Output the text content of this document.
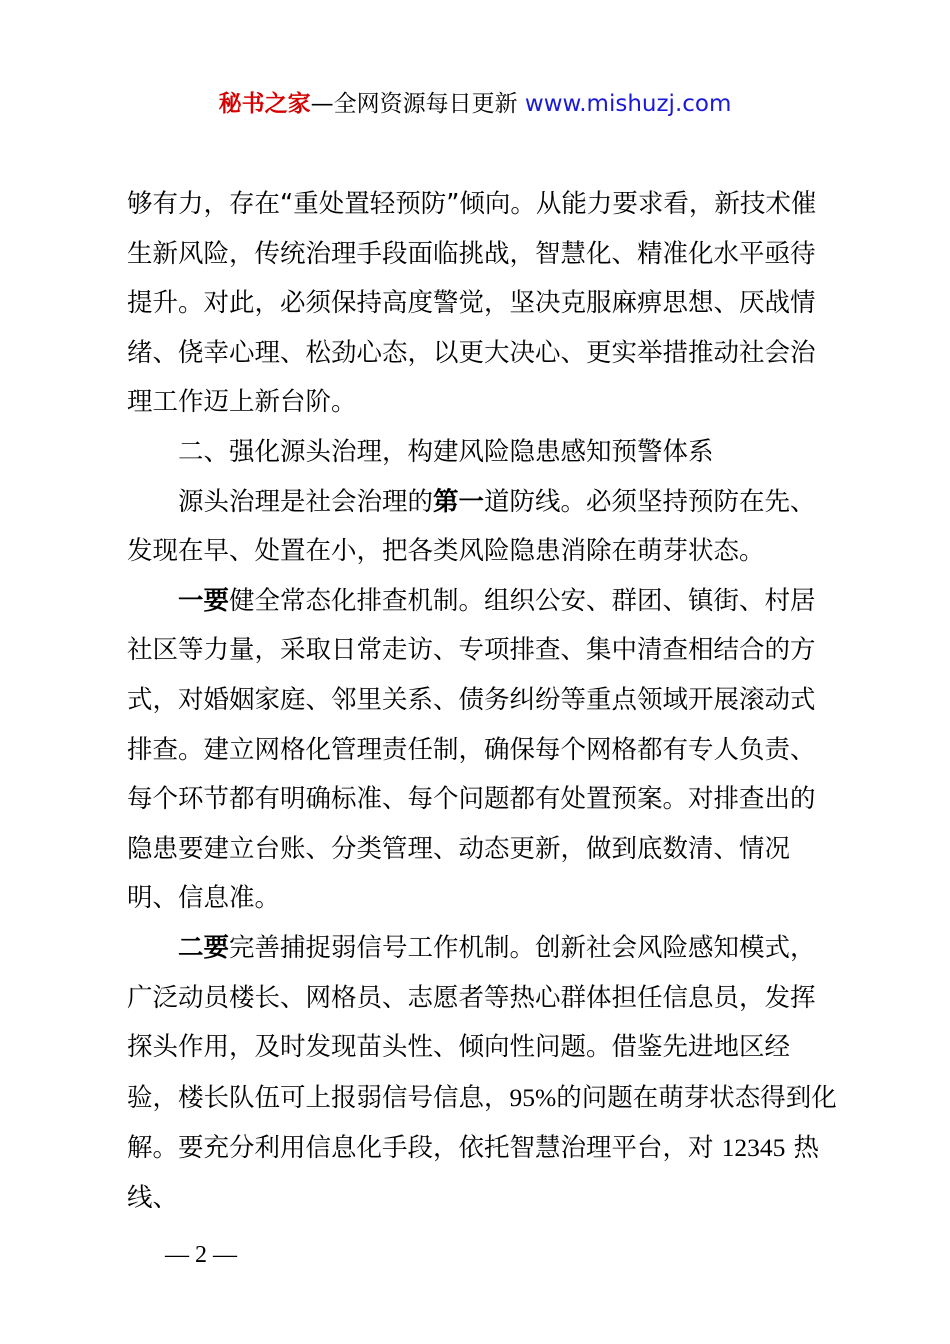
秘书之家—全网资源每日更新 www.mishuzj.com

够有力，存在“重处置轻预防”倾向。从能力要求看，新技术催生新风险，传统治理手段面临挑战，智慧化、精准化水平亟待提升。对此，必须保持高度警觉，坚决克服麻痹思想、厌战情绪、侥幸心理、松劲心态，以更大决心、更实举措推动社会治理工作迈上新台阶。

二、强化源头治理，构建风险隐患感知预警体系

源头治理是社会治理的第一道防线。必须坚持预防在先、发现在早、处置在小，把各类风险隐患消除在萌芽状态。

一要健全常态化排查机制。组织公安、群团、镇街、村居社区等力量，采取日常走访、专项排查、集中清查相结合的方式，对婚姻家庭、邻里关系、债务纠纷等重点领域开展滚动式排查。建立网格化管理责任制，确保每个网格都有专人负责、每个环节都有明确标准、每个问题都有处置预案。对排查出的隐患要建立台账、分类管理、动态更新，做到底数清、情况明、信息准。

二要完善捕捉弱信号工作机制。创新社会风险感知模式，广泛动员楼长、网格员、志愿者等热心群体担任信息员，发挥探头作用，及时发现苗头性、倾向性问题。借鉴先进地区经验，楼长队伍可上报弱信号信息，95%的问题在萌芽状态得到化解。要充分利用信息化手段，依托智慧治理平台，对 12345 热线、

— 2 —
